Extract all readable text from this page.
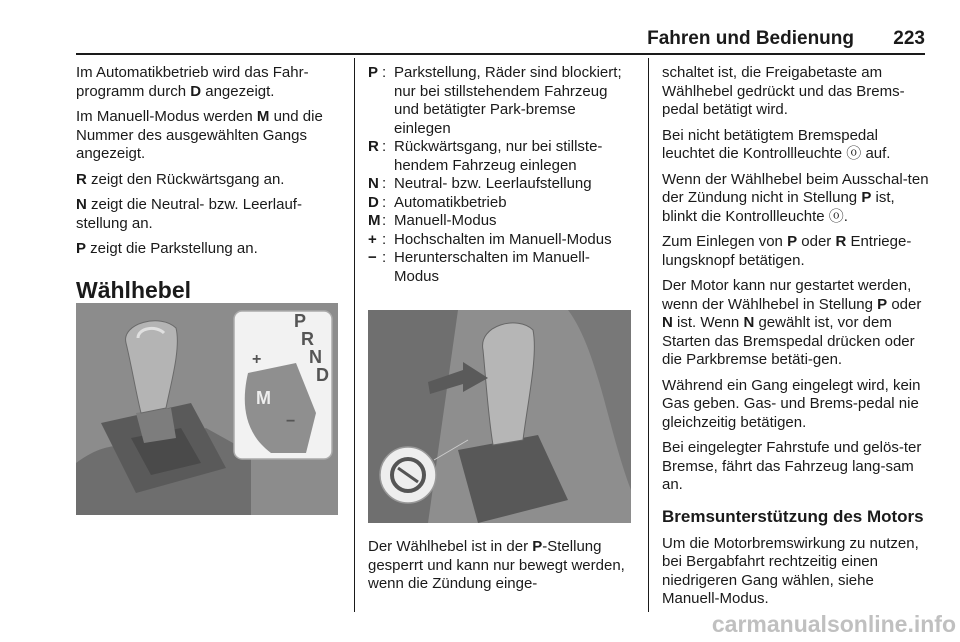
Fahren und Bedienung 223

Im Automatikbetrieb wird das Fahr-programm durch D angezeigt.

Im Manuell-Modus werden M und die Nummer des ausgewählten Gangs angezeigt.

R zeigt den Rückwärtsgang an.

N zeigt die Neutral- bzw. Leerlauf-stellung an.

P zeigt die Parkstellung an.

Wählhebel
P
R
N
D
M
+
−
P : Parkstellung, Räder sind blockiert; nur bei stillstehendem Fahrzeug und betätigter Park-bremse einlegen
R : Rückwärtsgang, nur bei stillste-hendem Fahrzeug einlegen
N : Neutral- bzw. Leerlaufstellung
D : Automatikbetrieb
M : Manuell-Modus
+ : Hochschalten im Manuell-Modus
− : Herunterschalten im Manuell-Modus
Der Wählhebel ist in der P-Stellung gesperrt und kann nur bewegt werden, wenn die Zündung einge-

schaltet ist, die Freigabetaste am Wählhebel gedrückt und das Brems-pedal betätigt wird.

Bei nicht betätigtem Bremspedal leuchtet die Kontrollleuchte ⓞ auf.

Wenn der Wählhebel beim Ausschal-ten der Zündung nicht in Stellung P ist, blinkt die Kontrollleuchte ⓞ.

Zum Einlegen von P oder R Entriege-lungsknopf betätigen.

Der Motor kann nur gestartet werden, wenn der Wählhebel in Stellung P oder N ist. Wenn N gewählt ist, vor dem Starten das Bremspedal drücken oder die Parkbremse betäti-gen.

Während ein Gang eingelegt wird, kein Gas geben. Gas- und Brems-pedal nie gleichzeitig betätigen.

Bei eingelegter Fahrstufe und gelös-ter Bremse, fährt das Fahrzeug lang-sam an.

Bremsunterstützung des Motors

Um die Motorbremswirkung zu nutzen, bei Bergabfahrt rechtzeitig einen niedrigeren Gang wählen, siehe Manuell-Modus.

carmanualsonline.info
